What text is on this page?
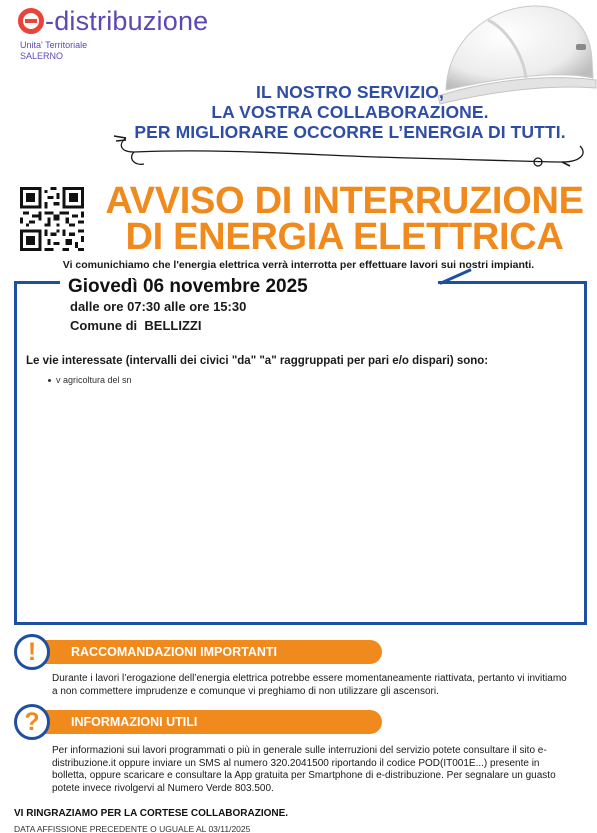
-distribuzione
Unita' Territoriale
SALERNO
IL NOSTRO SERVIZIO,
LA VOSTRA COLLABORAZIONE.
PER MIGLIORARE OCCORRE L’ENERGIA DI TUTTI.
AVVISO DI INTERRUZIONE
DI ENERGIA ELETTRICA
Vi comunichiamo che l'energia elettrica verrà interrotta per effettuare lavori sui nostri impianti.
Giovedì 06 novembre 2025
dalle ore 07:30 alle ore 15:30
Comune di BELLIZZI
Le vie interessate (intervalli dei civici "da" "a" raggruppati per pari e/o dispari) sono:
v agricoltura del sn
!	RACCOMANDAZIONI IMPORTANTI
Durante i lavori l’erogazione dell’energia elettrica potrebbe essere momentaneamente riattivata, pertanto vi invitiamo a non commettere imprudenze e comunque vi preghiamo di non utilizzare gli ascensori.
?	INFORMAZIONI UTILI
Per informazioni sui lavori programmati o più in generale sulle interruzioni del servizio potete consultare il sito e-distribuzione.it oppure inviare un SMS al numero 320.2041500 riportando il codice POD(IT001E...) presente in bolletta, oppure scaricare e consultare la App gratuita per Smartphone di e-distribuzione. Per segnalare un guasto potete invece rivolgervi al Numero Verde 803.500.
VI RINGRAZIAMO PER LA CORTESE COLLABORAZIONE.
DATA AFFISSIONE PRECEDENTE O UGUALE AL 03/11/2025
